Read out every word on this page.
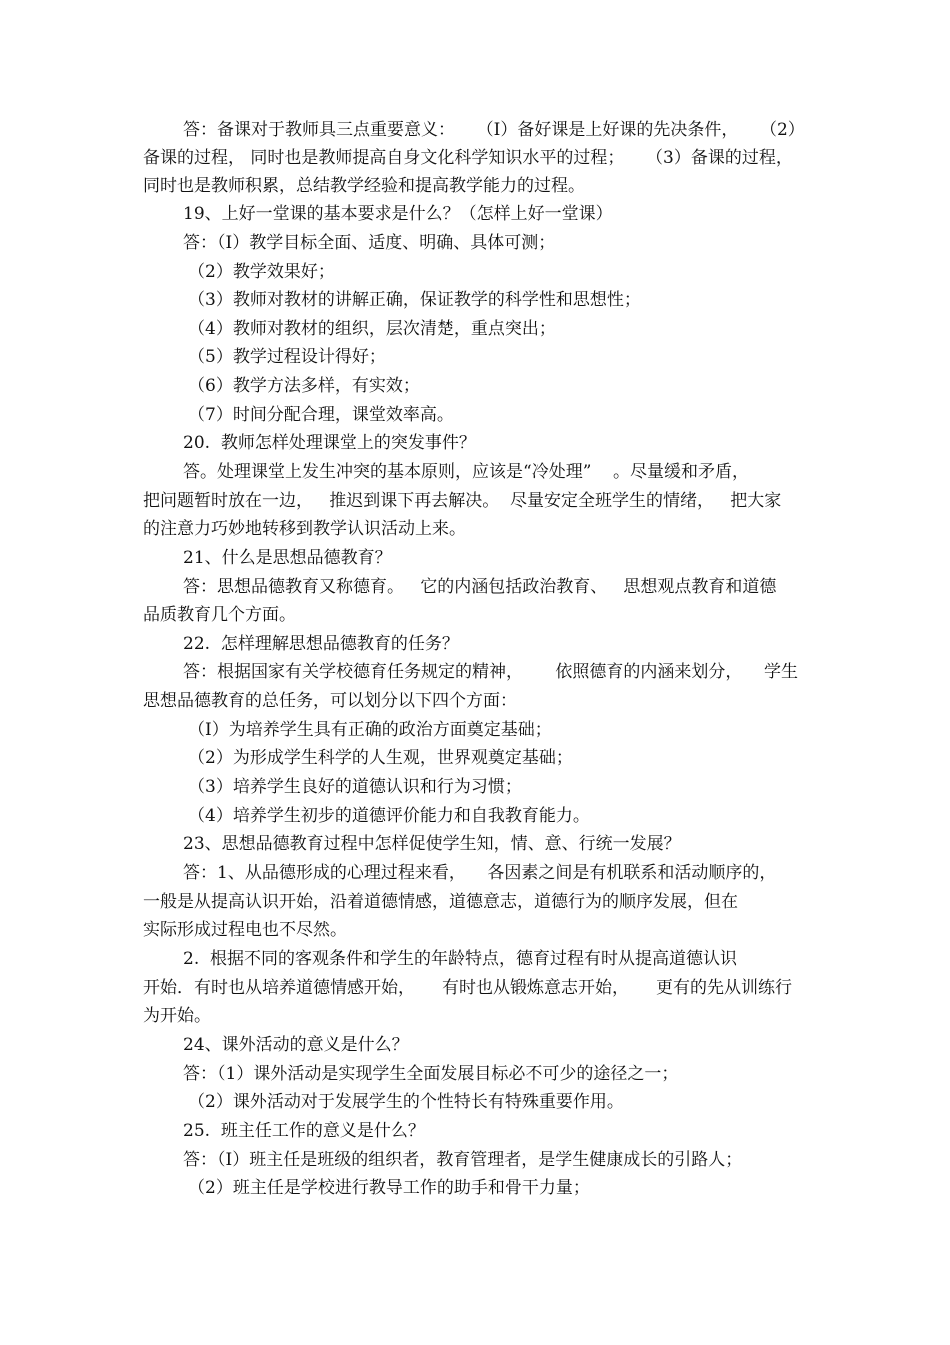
答：备课对于教师具三点重要意义：    （I）备好课是上好课的先决条件，    （2）
备课的过程， 同时也是教师提高自身文化科学知识水平的过程；    （3）备课的过程，
同时也是教师积累，总结教学经验和提高教学能力的过程。
19、上好一堂课的基本要求是什么？（怎样上好一堂课）
答：（I）教学目标全面、适度、明确、具体可测；
（2）教学效果好；
（3）教师对教材的讲解正确，保证教学的科学性和思想性；
（4）教师对教材的组织，层次清楚，重点突出；
（5）教学过程设计得好；
（6）教学方法多样，有实效；
（7）时间分配合理，课堂效率高。
20.  教师怎样处理课堂上的突发事件？
答。处理课堂上发生冲突的基本原则，应该是“冷处理”    。尽量缓和矛盾，
把问题暂时放在一边，   推迟到课下再去解决。  尽量安定全班学生的情绪，   把大家
的注意力巧妙地转移到教学认识活动上来。
21、什么是思想品德教育？
答：思想品德教育又称德育。   它的内涵包括政治教育、   思想观点教育和道德
品质教育几个方面。
22.  怎样理解思想品德教育的任务？
答：根据国家有关学校德育任务规定的精神，      依照德育的内涵来划分，    学生
思想品德教育的总任务，可以划分以下四个方面：
（I）为培养学生具有正确的政治方面奠定基础；
（2）为形成学生科学的人生观，世界观奠定基础；
（3）培养学生良好的道德认识和行为习惯；
（4）培养学生初步的道德评价能力和自我教育能力。
23、思想品德教育过程中怎样促使学生知，情、意、行统一发展？
答：1、从品德形成的心理过程来看，    各因素之间是有机联系和活动顺序的，
一般是从提高认识开始，沿着道德情感，道德意志，道德行为的顺序发展，但在
实际形成过程电也不尽然。
2.  根据不同的客观条件和学生的年龄特点，德育过程有时从提高道德认识
开始．有时也从培养道德情感开始，     有时也从锻炼意志开始，     更有的先从训练行
为开始。
24、课外活动的意义是什么？
答：（1）课外活动是实现学生全面发展目标必不可少的途径之一；
（2）课外活动对于发展学生的个性特长有特殊重要作用。
25.  班主任工作的意义是什么？
答：（I）班主任是班级的组织者，教育管理者，是学生健康成长的引路人；
（2）班主任是学校进行教导工作的助手和骨干力量；
